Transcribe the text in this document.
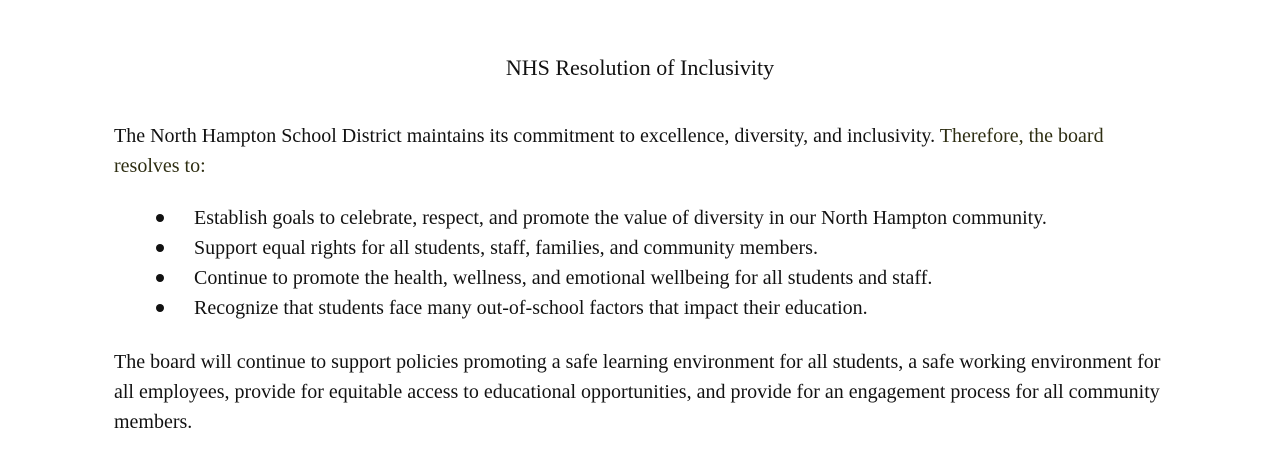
NHS Resolution of Inclusivity

The North Hampton School District maintains its commitment to excellence, diversity, and inclusivity. Therefore, the board resolves to:

Establish goals to celebrate, respect, and promote the value of diversity in our North Hampton community.
Support equal rights for all students, staff, families, and community members.
Continue to promote the health, wellness, and emotional wellbeing for all students and staff.
Recognize that students face many out-of-school factors that impact their education.

The board will continue to support policies promoting a safe learning environment for all students, a safe working environment for all employees, provide for equitable access to educational opportunities, and provide for an engagement process for all community members.
